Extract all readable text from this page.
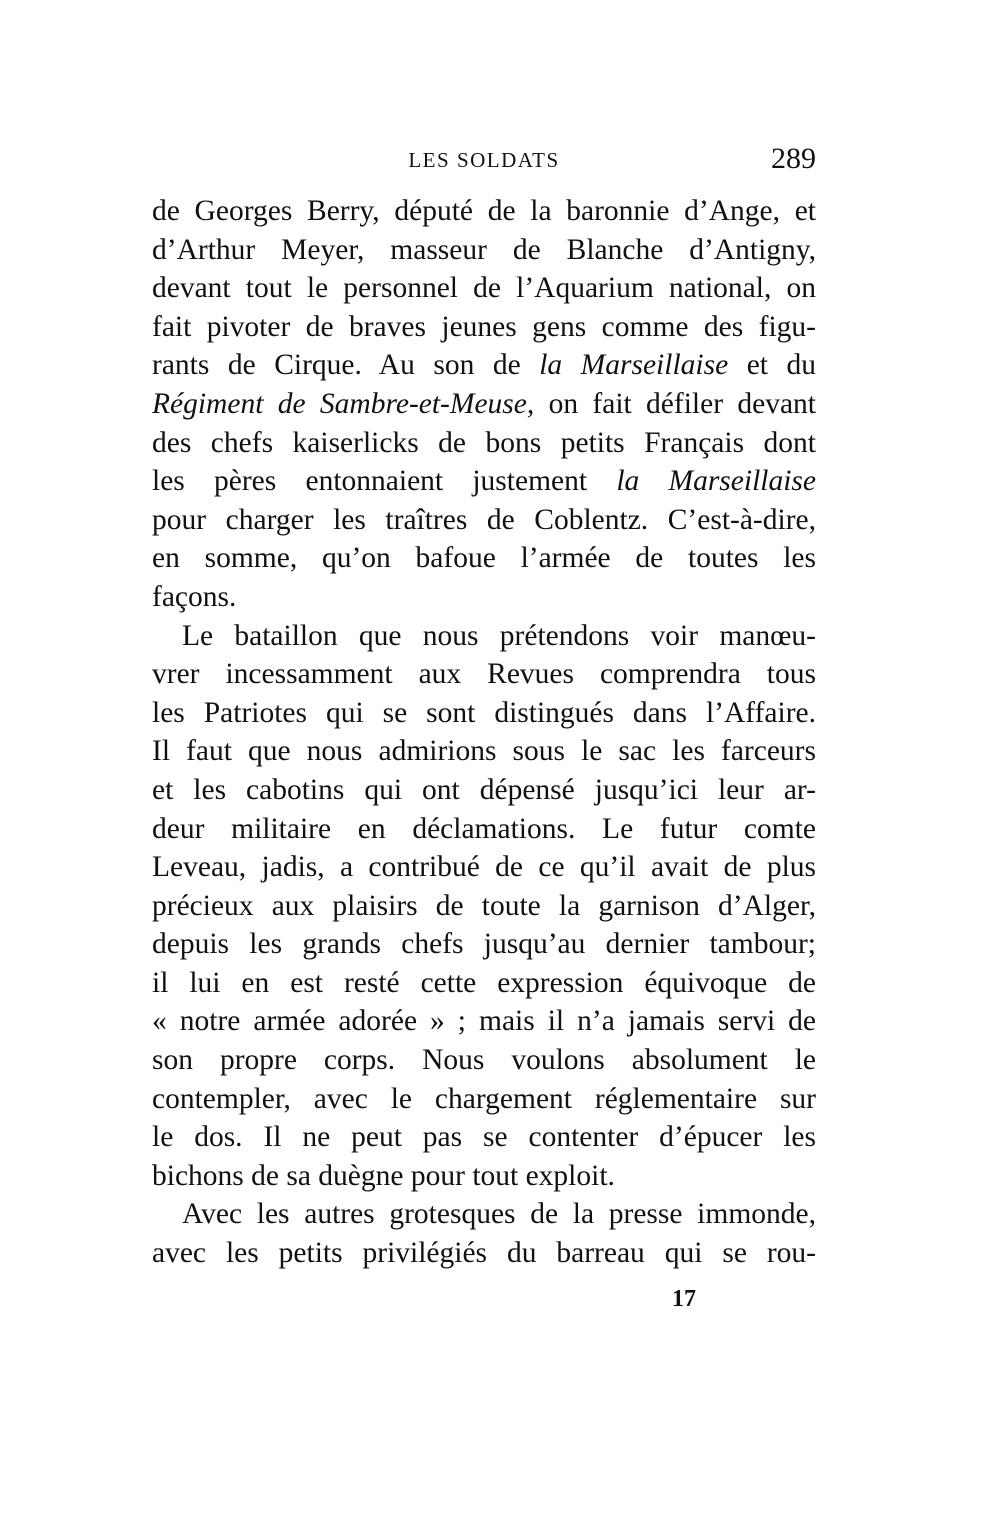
LES SOLDATS	289
de Georges Berry, député de la baronnie d’Ange, et
d’Arthur Meyer, masseur de Blanche d’Antigny,
devant tout le personnel de l’Aquarium national, on
fait pivoter de braves jeunes gens comme des figu-
rants de Cirque. Au son de la Marseillaise et du
Régiment de Sambre-et-Meuse, on fait défiler devant
des chefs kaiserlicks de bons petits Français dont
les pères entonnaient justement la Marseillaise
pour charger les traîtres de Coblentz. C’est-à-dire,
en somme, qu’on bafoue l’armée de toutes les
façons.
Le bataillon que nous prétendons voir manœu-
vrer incessamment aux Revues comprendra tous
les Patriotes qui se sont distingués dans l’Affaire.
Il faut que nous admirions sous le sac les farceurs
et les cabotins qui ont dépensé jusqu’ici leur ar-
deur militaire en déclamations. Le futur comte
Leveau, jadis, a contribué de ce qu’il avait de plus
précieux aux plaisirs de toute la garnison d’Alger,
depuis les grands chefs jusqu’au dernier tambour;
il lui en est resté cette expression équivoque de
« notre armée adorée » ; mais il n’a jamais servi de
son propre corps. Nous voulons absolument le
contempler, avec le chargement réglementaire sur
le dos. Il ne peut pas se contenter d’épucer les
bichons de sa duègne pour tout exploit.
Avec les autres grotesques de la presse immonde,
avec les petits privilégiés du barreau qui se rou-
17
